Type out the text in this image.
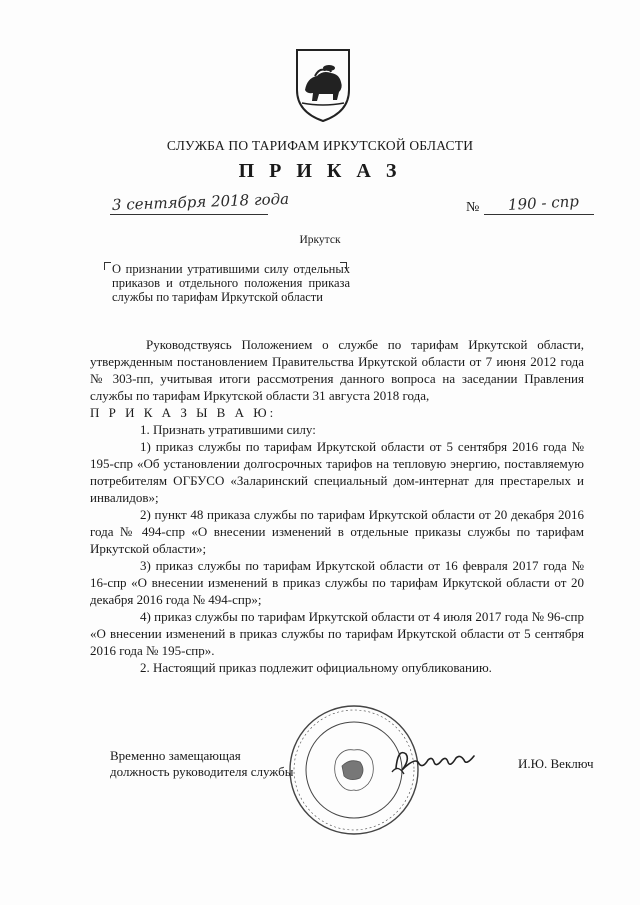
СЛУЖБА ПО ТАРИФАМ ИРКУТСКОЙ ОБЛАСТИ
П Р И К А З
3 сентября 2018 года	№ 190 - спр
Иркутск
О признании утратившими силу отдельных приказов и отдельного положения приказа службы по тарифам Иркутской области

Руководствуясь Положением о службе по тарифам Иркутской области, утвержденным постановлением Правительства Иркутской области от 7 июня 2012 года № 303-пп, учитывая итоги рассмотрения данного вопроса на заседании Правления службы по тарифам Иркутской области 31 августа 2018 года,

П Р И К А З Ы В А Ю:

1. Признать утратившими силу:

1) приказ службы по тарифам Иркутской области от 5 сентября 2016 года № 195-спр «Об установлении долгосрочных тарифов на тепловую энергию, поставляемую потребителям ОГБУСО «Заларинский специальный дом-интернат для престарелых и инвалидов»;

2) пункт 48 приказа службы по тарифам Иркутской области от 20 декабря 2016 года № 494-спр «О внесении изменений в отдельные приказы службы по тарифам Иркутской области»;

3) приказ службы по тарифам Иркутской области от 16 февраля 2017 года № 16-спр «О внесении изменений в приказ службы по тарифам Иркутской области от 20 декабря 2016 года № 494-спр»;

4) приказ службы по тарифам Иркутской области от 4 июля 2017 года № 96-спр «О внесении изменений в приказ службы по тарифам Иркутской области от 5 сентября 2016 года № 195-спр».

2. Настоящий приказ подлежит официальному опубликованию.

Временно замещающая
должность руководителя службы
И.Ю. Веключ
